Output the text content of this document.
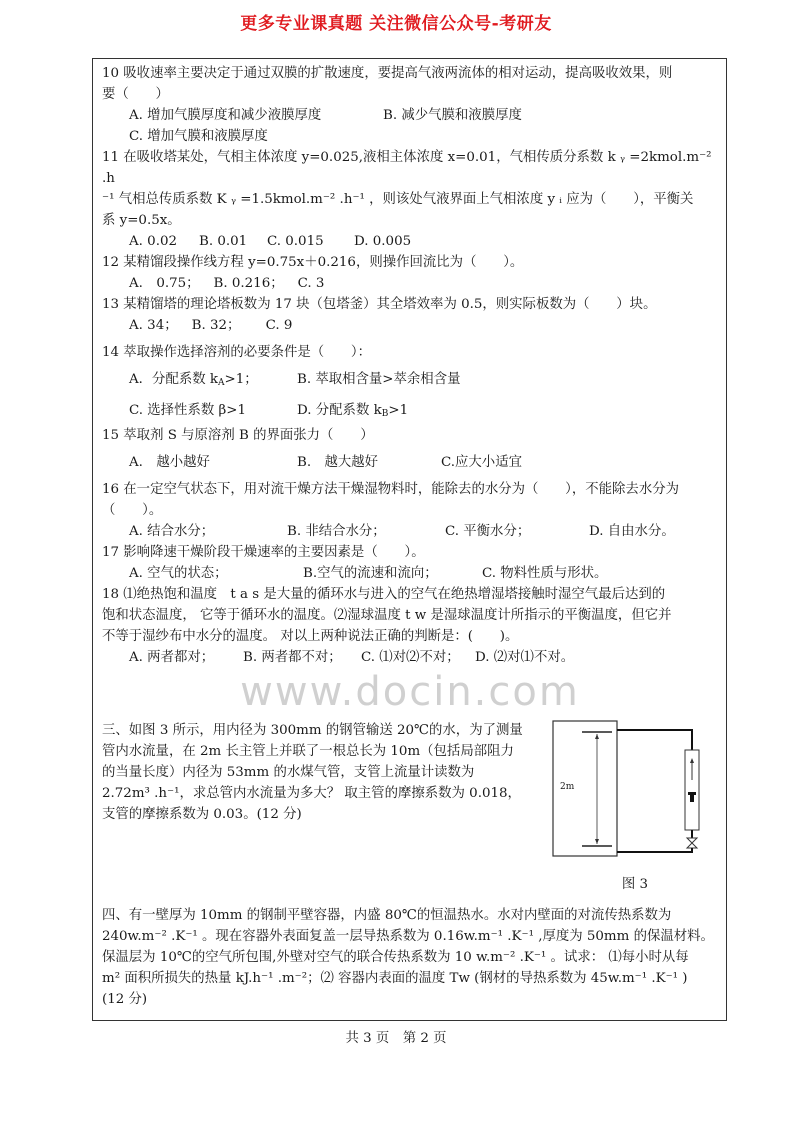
更多专业课真题 关注微信公众号-考研友
10 吸收速率主要决定于通过双膜的扩散速度，要提高气液两流体的相对运动，提高吸收效果，则
要（　　）
A. 增加气膜厚度和减少液膜厚度	B. 减少气膜和液膜厚度
C. 增加气膜和液膜厚度
11 在吸收塔某处，气相主体浓度 y=0.025,液相主体浓度 x=0.01，气相传质分系数 k ᵧ =2kmol.m⁻² .h
⁻¹ 气相总传质系数 K ᵧ =1.5kmol.m⁻² .h⁻¹ ，则该处气液界面上气相浓度 y ᵢ 应为（　　），平衡关
系 y=0.5x。
A. 0.02	B. 0.01	C. 0.015	D. 0.005
12 某精馏段操作线方程 y=0.75x＋0.216，则操作回流比为（　　）。
A.　0.75；	B. 0.216；	C. 3
13 某精馏塔的理论塔板数为 17 块（包塔釜）其全塔效率为 0.5，则实际板数为（　　）块。
A. 34；	B. 32；	C. 9
14 萃取操作选择溶剂的必要条件是（　　）：
A．分配系数 $k_A>1$；	B. 萃取相含量>萃余相含量
C. 选择性系数 β>1	D. 分配系数 $k_B>1$
15 萃取剂 S 与原溶剂 B 的界面张力（　　）
A.　越小越好	B.　越大越好	C.应大小适宜
16 在一定空气状态下，用对流干燥方法干燥湿物料时，能除去的水分为（　　），不能除去水分为
（　　）。
A. 结合水分；	B. 非结合水分；	C. 平衡水分；	D. 自由水分。
17 影响降速干燥阶段干燥速率的主要因素是（　　）。
A. 空气的状态；	B.空气的流速和流向；	C. 物料性质与形状。
18 ⑴绝热饱和温度　t a s 是大量的循环水与进入的空气在绝热增湿塔接触时湿空气最后达到的
饱和状态温度， 它等于循环水的温度。⑵湿球温度 t w 是湿球温度计所指示的平衡温度，但它并
不等于湿纱布中水分的温度。 对以上两种说法正确的判断是：(　　)。
A. 两者都对；	B. 两者都不对；	C. ⑴对⑵不对；	D. ⑵对⑴不对。
www.docin.com
三、如图 3 所示，用内径为 300mm 的钢管输送 20℃的水，为了测量
管内水流量，在 2m 长主管上并联了一根总长为 10m（包括局部阻力
的当量长度）内径为 53mm 的水煤气管，支管上流量计读数为
2.72m³ .h⁻¹，求总管内水流量为多大？ 取主管的摩擦系数为 0.018，
支管的摩擦系数为 0.03。(12 分)
2m
图 3
四、有一壁厚为 10mm 的钢制平壁容器，内盛 80℃的恒温热水。水对内壁面的对流传热系数为
240w.m⁻² .K⁻¹ 。现在容器外表面复盖一层导热系数为 0.16w.m⁻¹ .K⁻¹ ,厚度为 50mm 的保温材料。
保温层为 10℃的空气所包围,外壁对空气的联合传热系数为 10 w.m⁻² .K⁻¹ 。试求： ⑴每小时从每
m² 面积所损失的热量 kJ.h⁻¹ .m⁻²；⑵ 容器内表面的温度 Tᴡ (钢材的导热系数为 45w.m⁻¹ .K⁻¹ )
(12 分)
共 3 页　第 2 页
